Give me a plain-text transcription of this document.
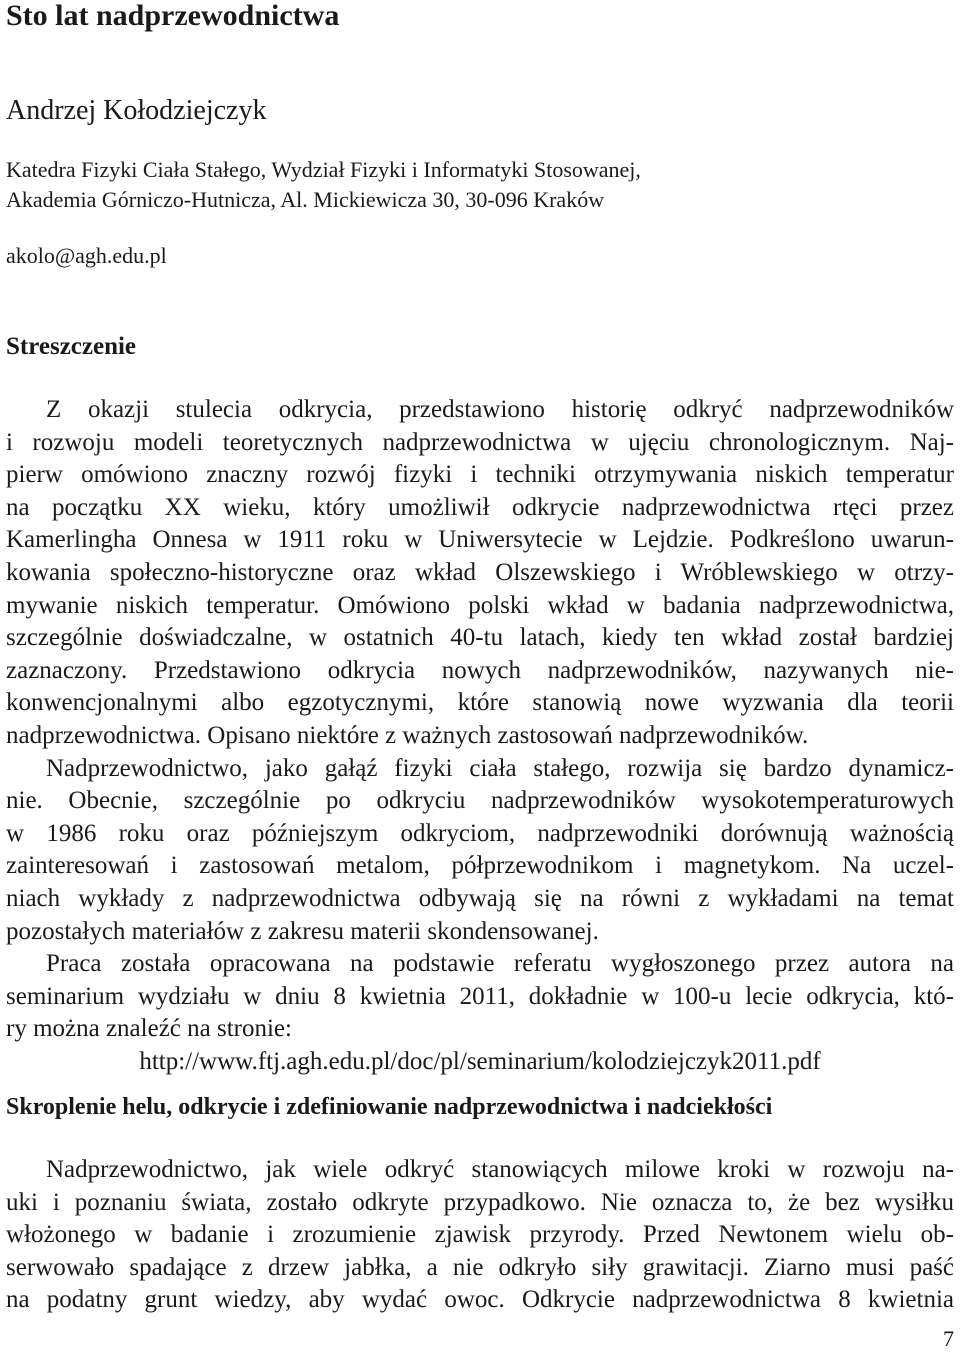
Sto lat nadprzewodnictwa
Andrzej Kołodziejczyk
Katedra Fizyki Ciała Stałego, Wydział Fizyki i Informatyki Stosowanej,
Akademia Górniczo-Hutnicza, Al. Mickiewicza 30, 30-096 Kraków
akolo@agh.edu.pl
Streszczenie
Z okazji stulecia odkrycia, przedstawiono historię odkryć nadprzewodników
i rozwoju modeli teoretycznych nadprzewodnictwa w ujęciu chronologicznym. Naj-
pierw omówiono znaczny rozwój fizyki i techniki otrzymywania niskich temperatur
na początku XX wieku, który umożliwił odkrycie nadprzewodnictwa rtęci przez
Kamerlingha Onnesa w 1911 roku w Uniwersytecie w Lejdzie. Podkreślono uwarun-
kowania społeczno-historyczne oraz wkład Olszewskiego i Wróblewskiego w otrzy-
mywanie niskich temperatur. Omówiono polski wkład w badania nadprzewodnictwa,
szczególnie doświadczalne, w ostatnich 40-tu latach, kiedy ten wkład został bardziej
zaznaczony. Przedstawiono odkrycia nowych nadprzewodników, nazywanych nie-
konwencjonalnymi albo egzotycznymi, które stanowią nowe wyzwania dla teorii
nadprzewodnictwa. Opisano niektóre z ważnych zastosowań nadprzewodników.
Nadprzewodnictwo, jako gałąź fizyki ciała stałego, rozwija się bardzo dynamicz-
nie. Obecnie, szczególnie po odkryciu nadprzewodników wysokotemperaturowych
w 1986 roku oraz późniejszym odkryciom, nadprzewodniki dorównują ważnością
zainteresowań i zastosowań metalom, półprzewodnikom i magnetykom. Na uczel-
niach wykłady z nadprzewodnictwa odbywają się na równi z wykładami na temat
pozostałych materiałów z zakresu materii skondensowanej.
Praca została opracowana na podstawie referatu wygłoszonego przez autora na
seminarium wydziału w dniu 8 kwietnia 2011, dokładnie w 100-u lecie odkrycia, któ-
ry można znaleźć na stronie:
http://www.ftj.agh.edu.pl/doc/pl/seminarium/kolodziejczyk2011.pdf
Skroplenie helu, odkrycie i zdefiniowanie nadprzewodnictwa i nadciekłości
Nadprzewodnictwo, jak wiele odkryć stanowiących milowe kroki w rozwoju na-
uki i poznaniu świata, zostało odkryte przypadkowo. Nie oznacza to, że bez wysiłku
włożonego w badanie i zrozumienie zjawisk przyrody. Przed Newtonem wielu ob-
serwowało spadające z drzew jabłka, a nie odkryło siły grawitacji. Ziarno musi paść
na podatny grunt wiedzy, aby wydać owoc. Odkrycie nadprzewodnictwa 8 kwietnia
7
